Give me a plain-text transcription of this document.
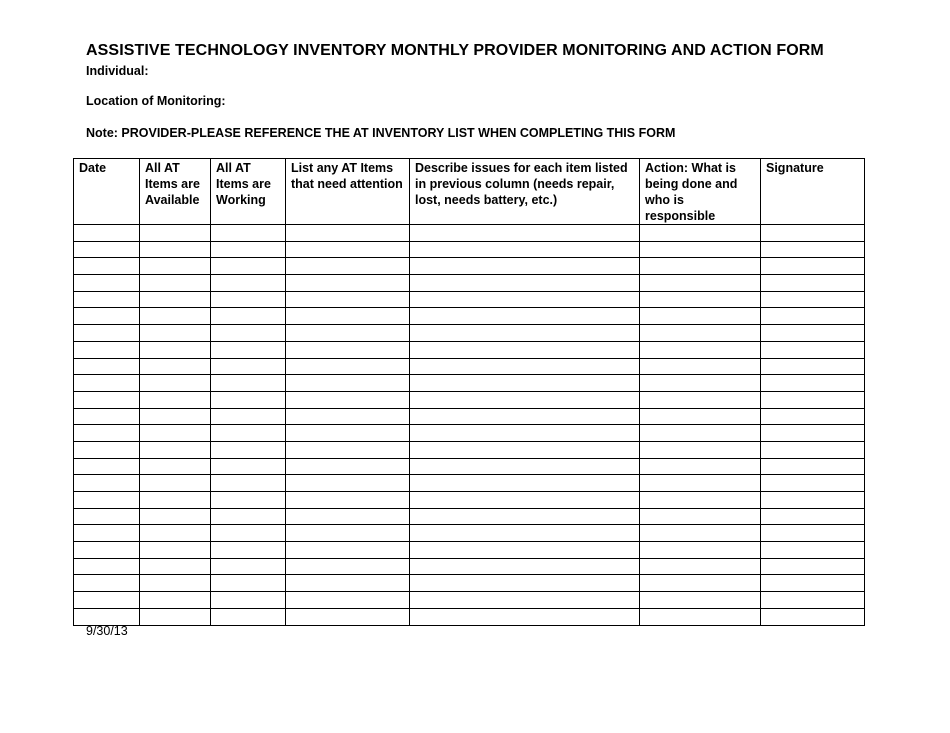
ASSISTIVE TECHNOLOGY INVENTORY MONTHLY PROVIDER MONITORING AND ACTION FORM
Individual:
Location of Monitoring:
Note: PROVIDER-PLEASE REFERENCE THE AT INVENTORY LIST WHEN COMPLETING THIS FORM
Date	All AT Items are Available	All AT Items are Working	List any AT Items that need attention	Describe issues for each item listed in previous column (needs repair, lost, needs battery, etc.)	Action: What is being done and who is responsible	Signature

9/30/13
